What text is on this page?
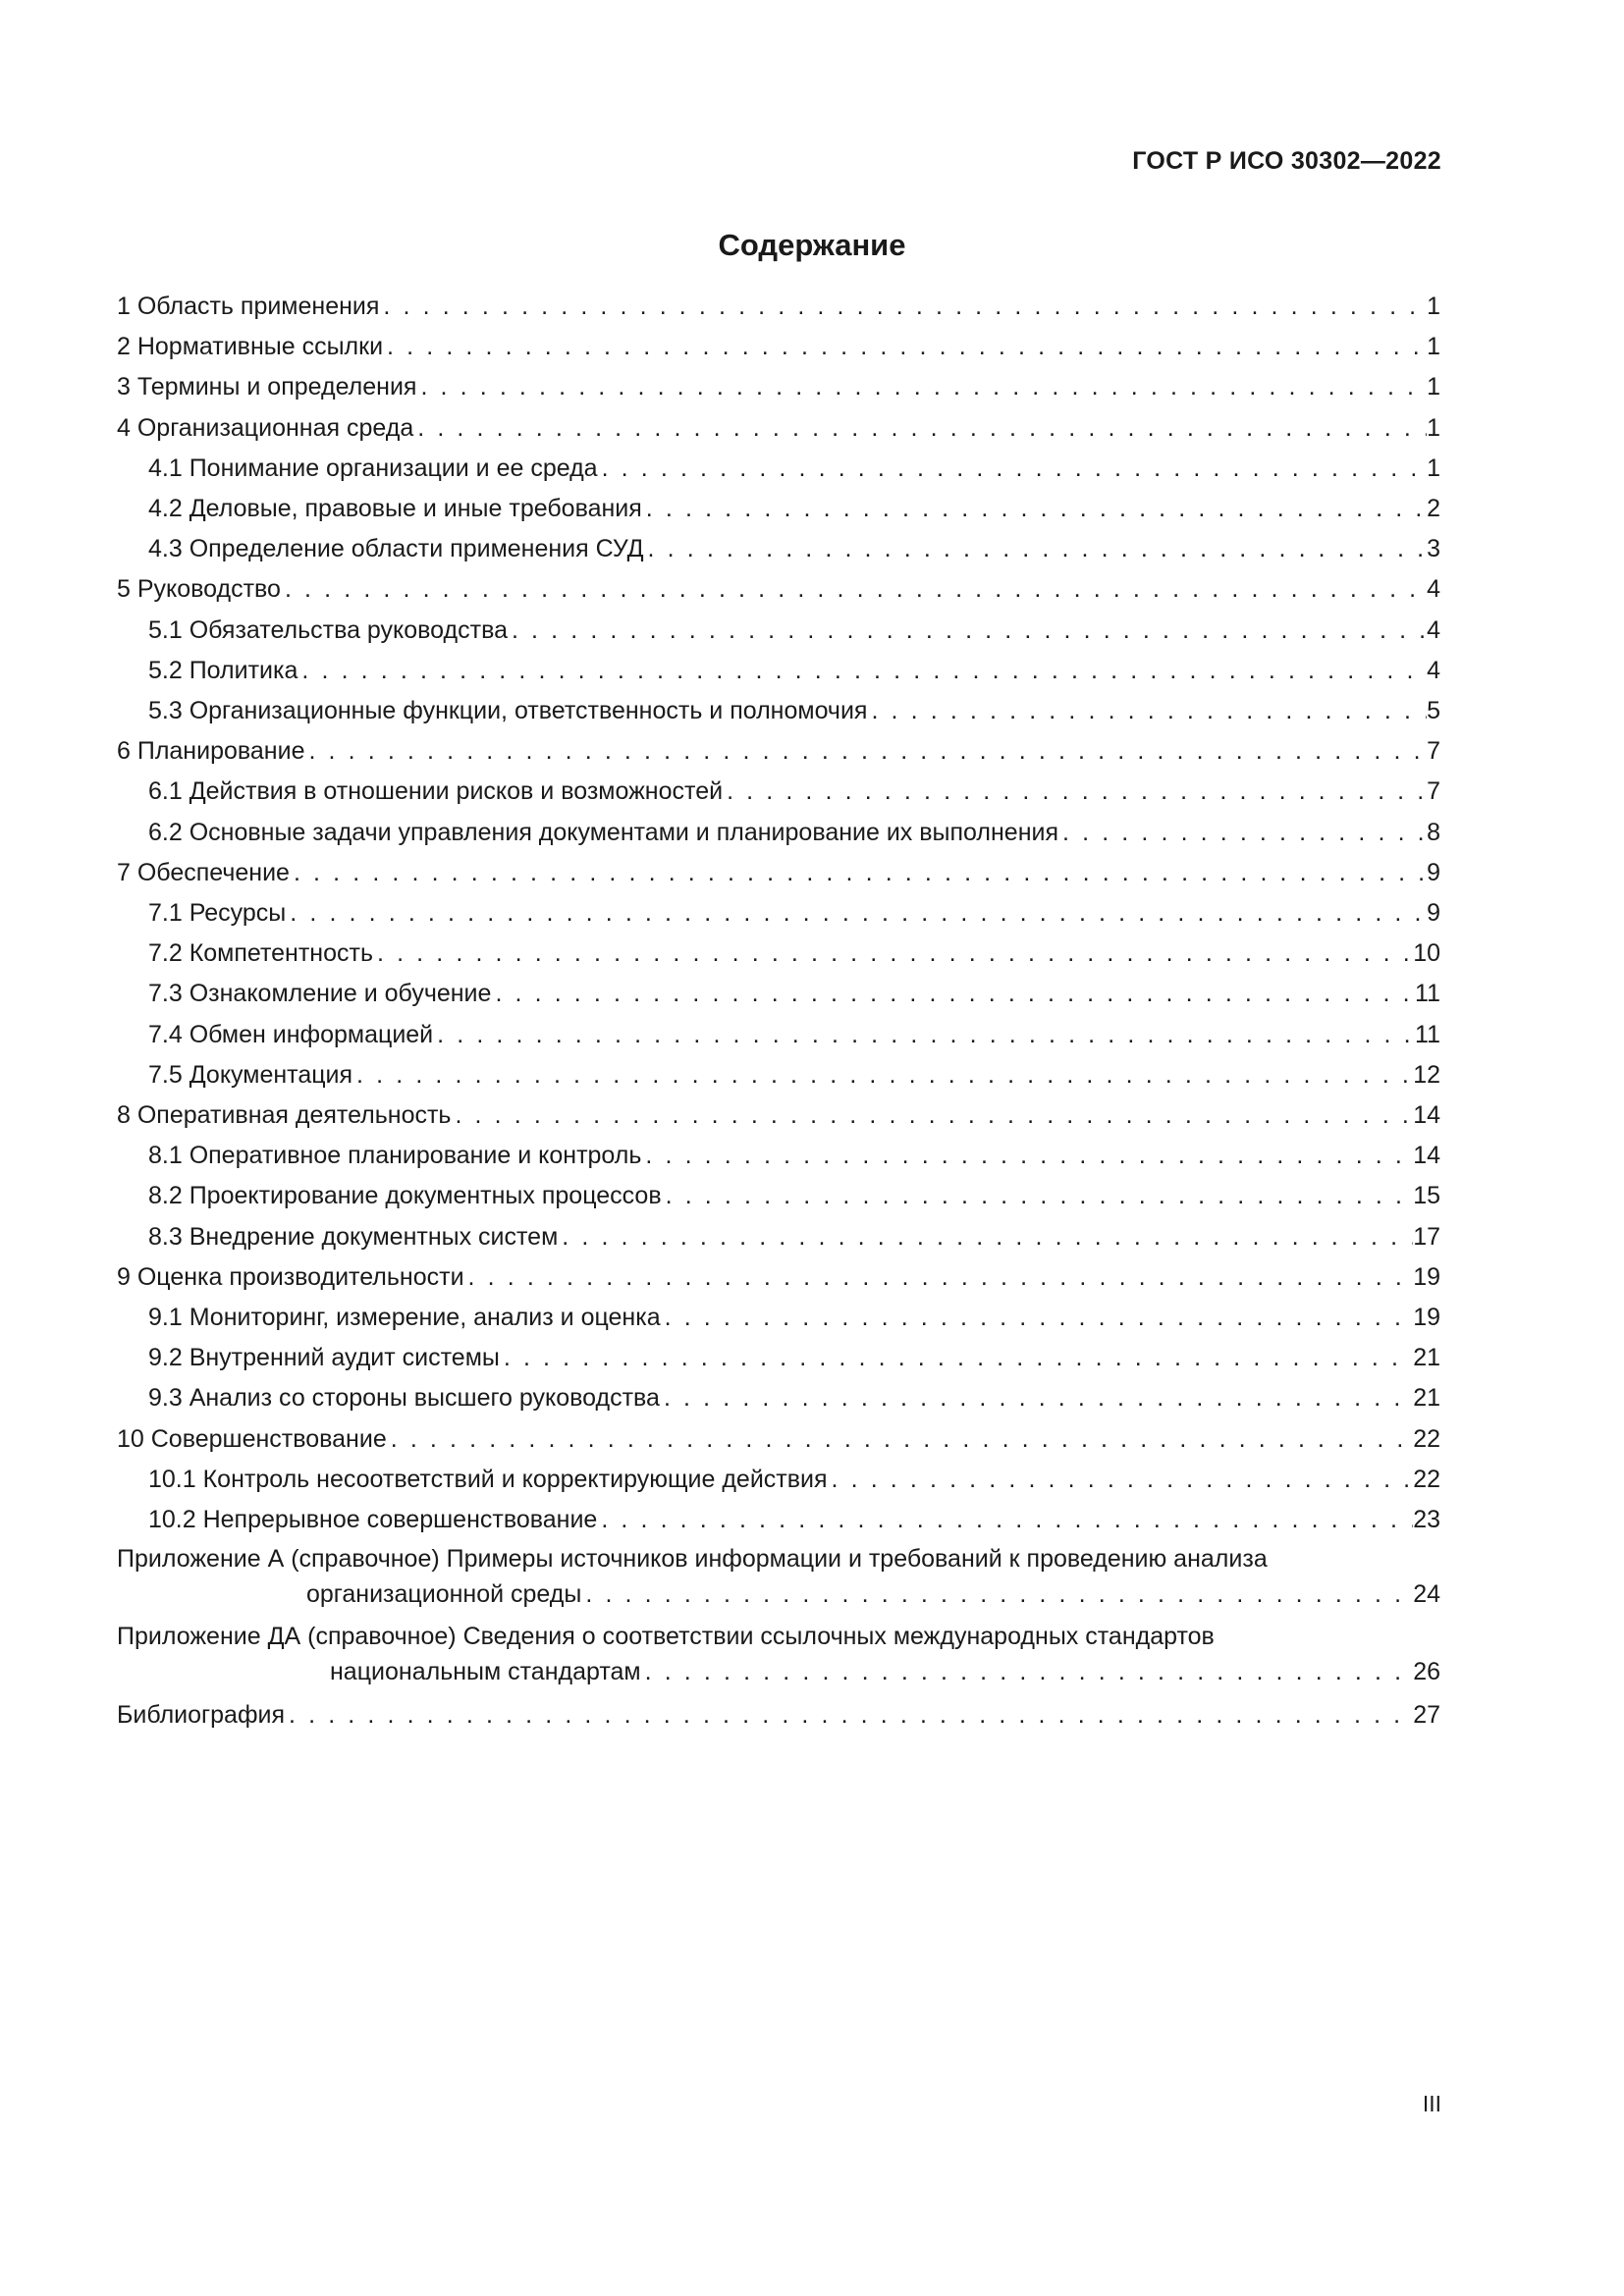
ГОСТ Р ИСО 30302—2022
Содержание
1 Область применения . . .	1
2 Нормативные ссылки . . .	1
3 Термины и определения . . .	1
4 Организационная среда . . .	1
4.1 Понимание организации и ее среда . . .	1
4.2 Деловые, правовые и иные требования . . .	2
4.3 Определение области применения СУД . . .	3
5 Руководство . . .	4
5.1 Обязательства руководства . . .	4
5.2 Политика . . .	4
5.3 Организационные функции, ответственность и полномочия . . .	5
6 Планирование . . .	7
6.1 Действия в отношении рисков и возможностей . . .	7
6.2 Основные задачи управления документами и планирование их выполнения . . .	8
7 Обеспечение . . .	9
7.1 Ресурсы . . .	9
7.2 Компетентность . . .	10
7.3 Ознакомление и обучение . . .	11
7.4 Обмен информацией . . .	11
7.5 Документация . . .	12
8 Оперативная деятельность . . .	14
8.1 Оперативное планирование и контроль . . .	14
8.2 Проектирование документных процессов . . .	15
8.3 Внедрение документных систем . . .	17
9 Оценка производительности . . .	19
9.1 Мониторинг, измерение, анализ и оценка . . .	19
9.2 Внутренний аудит системы . . .	21
9.3 Анализ со стороны высшего руководства . . .	21
10 Совершенствование . . .	22
10.1 Контроль несоответствий и корректирующие действия . . .	22
10.2 Непрерывное совершенствование . . .	23
Приложение А (справочное) Примеры источников информации и требований к проведению анализа
организационной среды . . .	24
Приложение ДА (справочное) Сведения о соответствии ссылочных международных стандартов
национальным стандартам . . .	26
Библиография . . .	27
III
